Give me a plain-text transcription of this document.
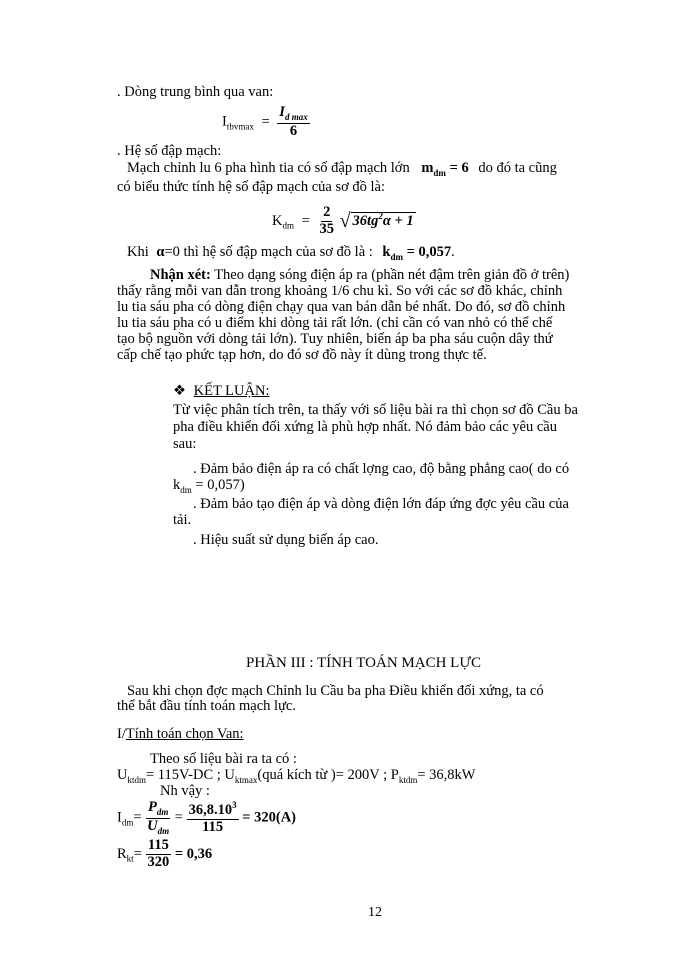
. Dòng trung bình qua van:
$I_{tbvmax} = \frac{I_{d max}}{6}$
. Hệ số đập mạch:
Mạch chỉnh lu 6 pha hình tia có số đập mạch lớn $m_{dm} = 6$ do đó ta cũng
có biểu thức tính hệ số đập mạch của sơ đồ là:
$K_{dm} = \frac{2}{35}$ √ $36tg^2\alpha + 1$
Khi α=0 thì hệ số đập mạch của sơ đồ là : $k_{dm} = 0,057$.
Nhận xét: Theo dạng sóng điện áp ra (phần nét đậm trên giản đồ ở trên)
thấy rằng mỗi van dẫn trong khoảng 1/6 chu kì. So với các sơ đồ khác, chỉnh
lu tia sáu pha có dòng điện chạy qua van bán dẫn bé nhất. Do đó, sơ đồ chỉnh
lu tia sáu pha có u điểm khi dòng tải rất lớn. (chỉ cần có van nhỏ có thể chế
tạo bộ nguồn với dòng tải lớn). Tuy nhiên, biến áp ba pha sáu cuộn dây thứ
cấp chế tạo phức tạp hơn, do đó sơ đồ này ít dùng trong thực tế.
❖ KẾT LUẬN:
Từ việc phân tích trên, ta thấy với số liệu bài ra thì chọn sơ đồ Cầu ba
pha điều khiển đối xứng là phù hợp nhất. Nó đảm bảo các yêu cầu
sau:
. Đảm bảo điện áp ra có chất lợng cao, độ bằng phẳng cao( do có
$k_{dm} = 0,057$)
. Đảm bảo tạo điện áp và dòng điện lớn đáp ứng đợc yêu cầu của
tải.
. Hiệu suất sử dụng biến áp cao.
PHẦN III : TÍNH TOÁN MẠCH LỰC
Sau khi chọn đợc mạch Chỉnh lu Cầu ba pha Điều khiển đối xứng, ta có
thể bắt đầu tính toán mạch lực.
I/Tính toán chọn Van:
Theo số liệu bài ra ta có :
$U_{ktdm}= 115V-DC$ ; $U_{ktmax}(quá$ kích từ )= 200V ; $P_{ktdm}= 36,8kW$
Nh vậy :
$I_{dm}= \frac{P_{dm}}{U_{dm}} = \frac{36,8.10^3}{115} = 320(A)$
$R_{kt}= \frac{115}{320} = 0,36$
12
